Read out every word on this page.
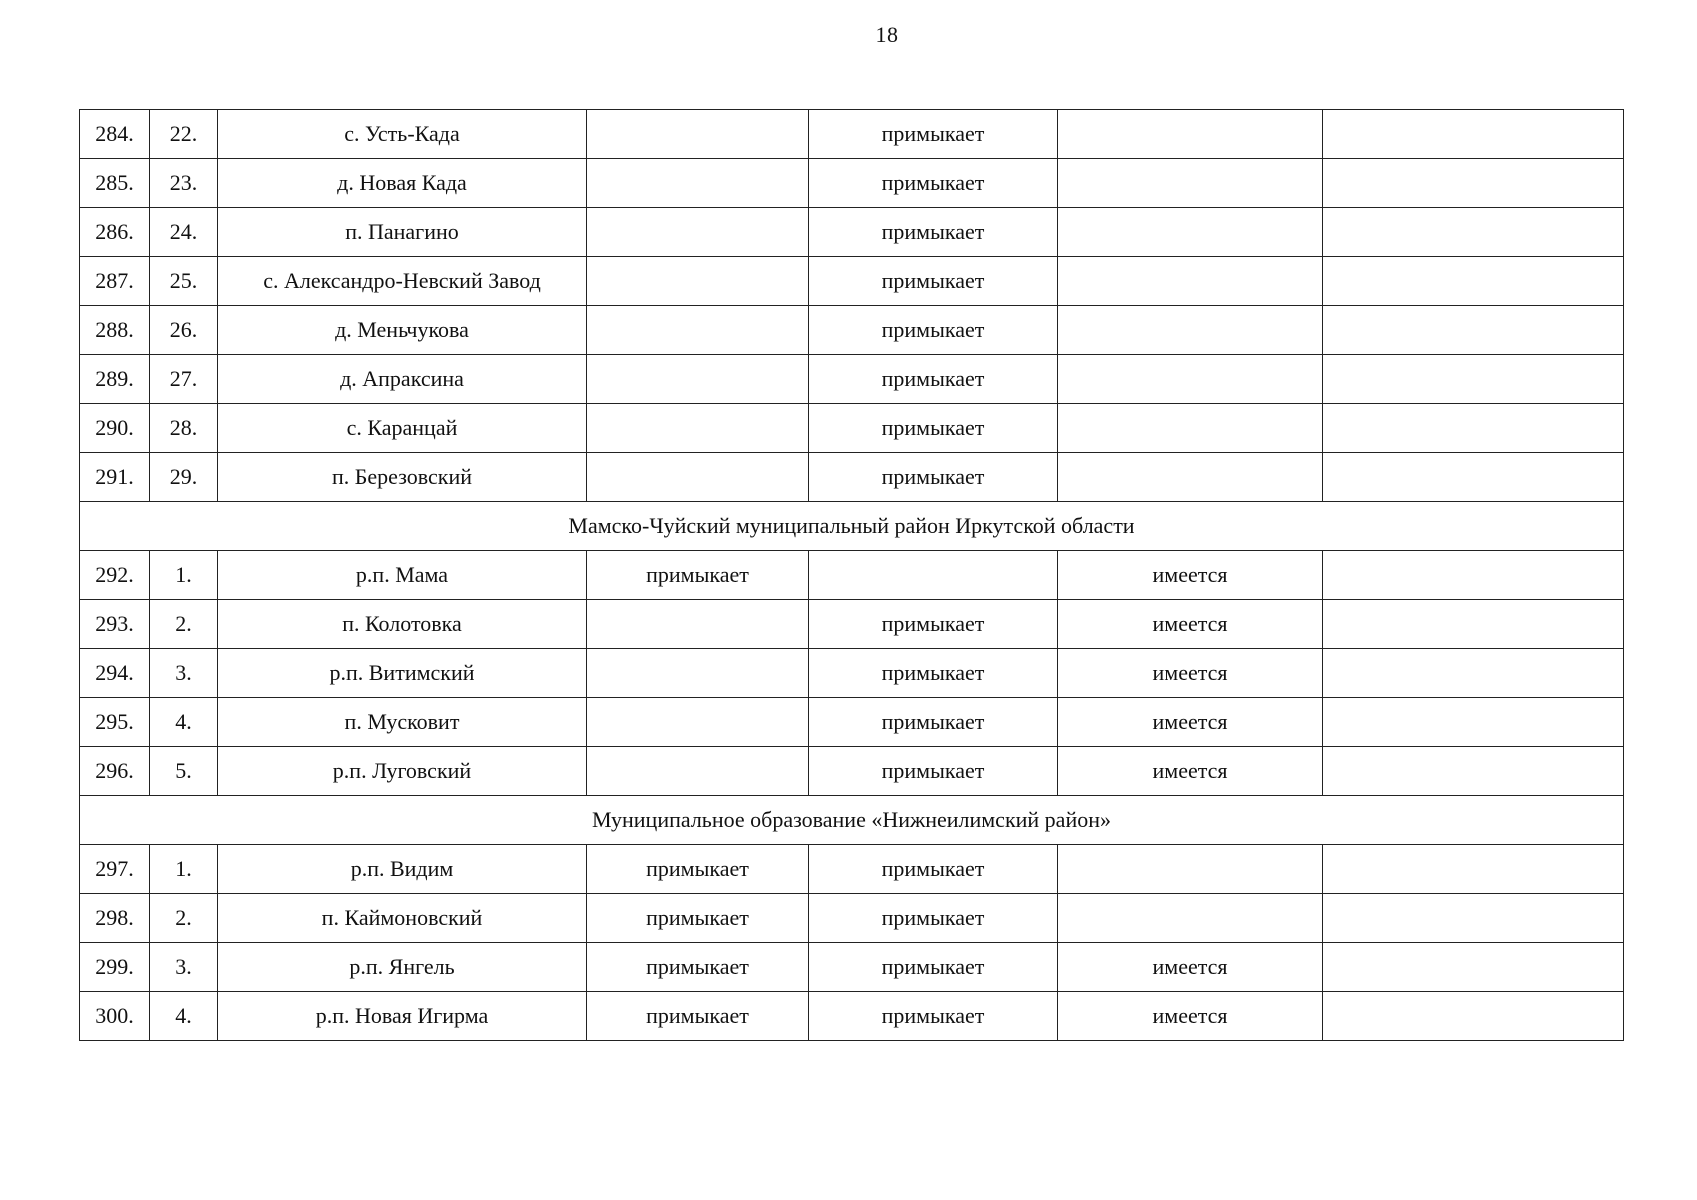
18
284.	22.	с. Усть-Када		примыкает		
285.	23.	д. Новая Када		примыкает		
286.	24.	п. Панагино		примыкает		
287.	25.	с. Александро-Невский Завод		примыкает		
288.	26.	д. Меньчукова		примыкает		
289.	27.	д. Апраксина		примыкает		
290.	28.	с. Каранцай		примыкает		
291.	29.	п. Березовский		примыкает		
Мамско-Чуйский муниципальный район Иркутской области						
292.	1.	р.п. Мама	примыкает		имеется	
293.	2.	п. Колотовка		примыкает	имеется	
294.	3.	р.п. Витимский		примыкает	имеется	
295.	4.	п. Мусковит		примыкает	имеется	
296.	5.	р.п. Луговский		примыкает	имеется	
Муниципальное образование «Нижнеилимский район»						
297.	1.	р.п. Видим	примыкает	примыкает		
298.	2.	п. Каймоновский	примыкает	примыкает		
299.	3.	р.п. Янгель	примыкает	примыкает	имеется	
300.	4.	р.п. Новая Игирма	примыкает	примыкает	имеется	
